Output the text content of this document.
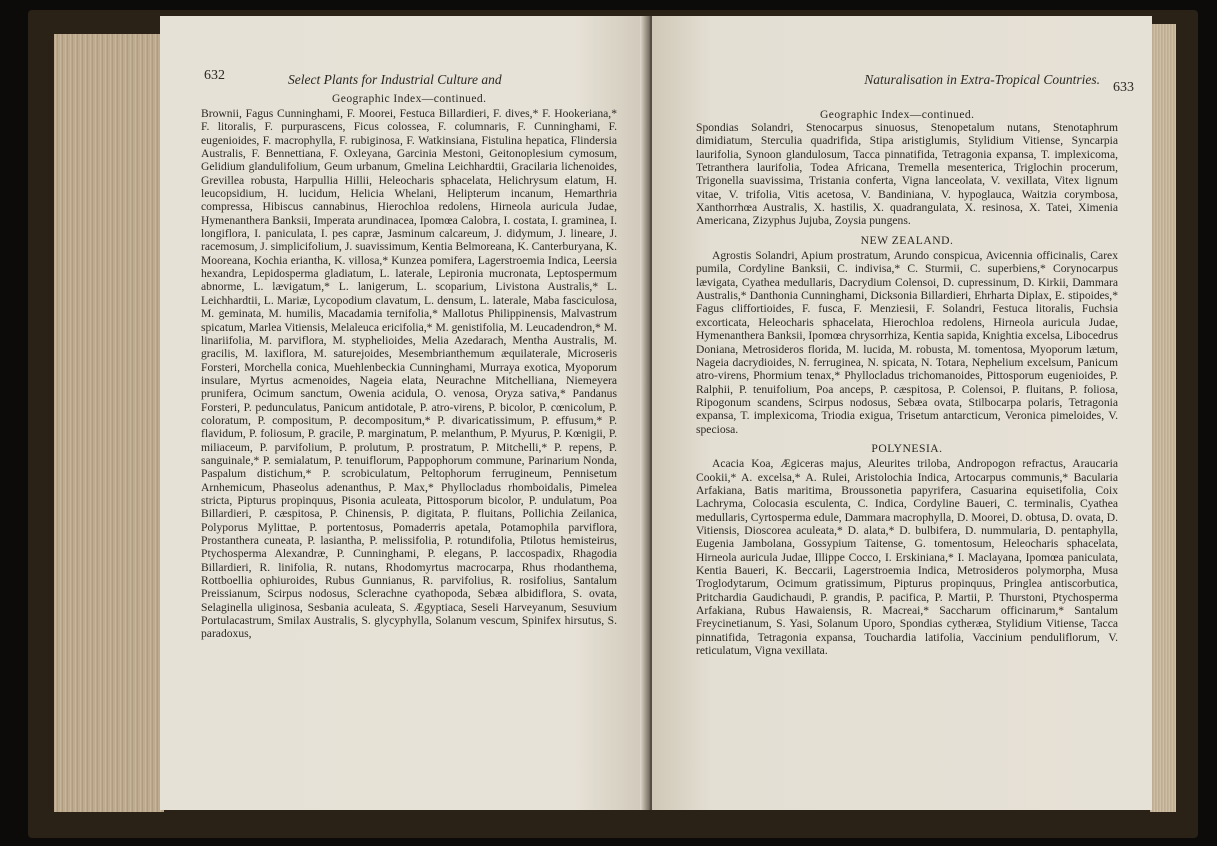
632	Select Plants for Industrial Culture and
Geographic Index—continued.

Brownii, Fagus Cunninghami, F. Moorei, Festuca Billardieri, F. dives,* F. Hookeriana,* F. litoralis, F. purpurascens, Ficus colossea, F. columnaris, F. Cunninghami, F. eugenioides, F. macrophylla, F. rubiginosa, F. Watkinsiana, Fistulina hepatica, Flindersia Australis, F. Bennettiana, F. Oxleyana, Garcinia Mestoni, Geitonoplesium cymosum, Gelidium glandulifolium, Geum urbanum, Gmelina Leichhardtii, Gracilaria lichenoides, Grevillea robusta, Harpullia Hillii, Heleocharis sphacelata, Helichrysum elatum, H. leucopsidium, H. lucidum, Helicia Whelani, Helipterum incanum, Hemarthria compressa, Hibiscus cannabinus, Hierochloa redolens, Hirneola auricula Judae, Hymenanthera Banksii, Imperata arundinacea, Ipomœa Calobra, I. costata, I. graminea, I. longiflora, I. paniculata, I. pes capræ, Jasminum calcareum, J. didymum, J. lineare, J. racemosum, J. simplicifolium, J. suavissimum, Kentia Belmoreana, K. Canterburyana, K. Mooreana, Kochia eriantha, K. villosa,* Kunzea pomifera, Lagerstroemia Indica, Leersia hexandra, Lepidosperma gladiatum, L. laterale, Lepironia mucronata, Leptospermum abnorme, L. lævigatum,* L. lanigerum, L. scoparium, Livistona Australis,* L. Leichhardtii, L. Mariæ, Lycopodium clavatum, L. densum, L. laterale, Maba fasciculosa, M. geminata, M. humilis, Macadamia ternifolia,* Mallotus Philippinensis, Malvastrum spicatum, Marlea Vitiensis, Melaleuca ericifolia,* M. genistifolia, M. Leucadendron,* M. linariifolia, M. parviflora, M. styphelioides, Melia Azedarach, Mentha Australis, M. gracilis, M. laxiflora, M. saturejoides, Mesembrianthemum æquilaterale, Microseris Forsteri, Morchella conica, Muehlenbeckia Cunninghami, Murraya exotica, Myoporum insulare, Myrtus acmenoides, Nageia elata, Neurachne Mitchelliana, Niemeyera prunifera, Ocimum sanctum, Owenia acidula, O. venosa, Oryza sativa,* Pandanus Forsteri, P. pedunculatus, Panicum antidotale, P. atro-virens, P. bicolor, P. cœnicolum, P. coloratum, P. compositum, P. decompositum,* P. divaricatissimum, P. effusum,* P. flavidum, P. foliosum, P. gracile, P. marginatum, P. melanthum, P. Myurus, P. Kœnigii, P. miliaceum, P. parvifolium, P. prolutum, P. prostratum, P. Mitchelli,* P. repens, P. sanguinale,* P. semialatum, P. tenuiflorum, Pappophorum commune, Parinarium Nonda, Paspalum distichum,* P. scrobiculatum, Peltophorum ferrugineum, Pennisetum Arnhemicum, Phaseolus adenanthus, P. Max,* Phyllocladus rhomboidalis, Pimelea stricta, Pipturus propinquus, Pisonia aculeata, Pittosporum bicolor, P. undulatum, Poa Billardieri, P. cæspitosa, P. Chinensis, P. digitata, P. fluitans, Pollichia Zeilanica, Polyporus Mylittae, P. portentosus, Pomaderris apetala, Potamophila parviflora, Prostanthera cuneata, P. lasiantha, P. melissifolia, P. rotundifolia, Ptilotus hemisteirus, Ptychosperma Alexandræ, P. Cunninghami, P. elegans, P. laccospadix, Rhagodia Billardieri, R. linifolia, R. nutans, Rhodomyrtus macrocarpa, Rhus rhodanthema, Rottboellia ophiuroides, Rubus Gunnianus, R. parvifolius, R. rosifolius, Santalum Preissianum, Scirpus nodosus, Sclerachne cyathopoda, Sebæa albidiflora, S. ovata, Selaginella uliginosa, Sesbania aculeata, S. Ægyptiaca, Seseli Harveyanum, Sesuvium Portulacastrum, Smilax Australis, S. glycyphylla, Solanum vescum, Spinifex hirsutus, S. paradoxus,

Naturalisation in Extra-Tropical Countries.
633
Geographic Index—continued.

Spondias Solandri, Stenocarpus sinuosus, Stenopetalum nutans, Stenotaphrum dimidiatum, Sterculia quadrifida, Stipa aristiglumis, Stylidium Vitiense, Syncarpia laurifolia, Synoon glandulosum, Tacca pinnatifida, Tetragonia expansa, T. implexicoma, Tetranthera laurifolia, Todea Africana, Tremella mesenterica, Triglochin procerum, Trigonella suavissima, Tristania conferta, Vigna lanceolata, V. vexillata, Vitex lignum vitae, V. trifolia, Vitis acetosa, V. Bandiniana, V. hypoglauca, Waitzia corymbosa, Xanthorrhœa Australis, X. hastilis, X. quadrangulata, X. resinosa, X. Tatei, Ximenia Americana, Zizyphus Jujuba, Zoysia pungens.

NEW ZEALAND.

Agrostis Solandri, Apium prostratum, Arundo conspicua, Avicennia officinalis, Carex pumila, Cordyline Banksii, C. indivisa,* C. Sturmii, C. superbiens,* Corynocarpus lævigata, Cyathea medullaris, Dacrydium Colensoi, D. cupressinum, D. Kirkii, Dammara Australis,* Danthonia Cunninghami, Dicksonia Billardieri, Ehrharta Diplax, E. stipoides,* Fagus cliffortioides, F. fusca, F. Menziesii, F. Solandri, Festuca litoralis, Fuchsia excorticata, Heleocharis sphacelata, Hierochloa redolens, Hirneola auricula Judae, Hymenanthera Banksii, Ipomœa chrysorrhiza, Kentia sapida, Knightia excelsa, Libocedrus Doniana, Metrosideros florida, M. lucida, M. robusta, M. tomentosa, Myoporum lætum, Nageia dacrydioides, N. ferruginea, N. spicata, N. Totara, Nephelium excelsum, Panicum atro-virens, Phormium tenax,* Phyllocladus trichomanoides, Pittosporum eugenioides, P. Ralphii, P. tenuifolium, Poa anceps, P. cæspitosa, P. Colensoi, P. fluitans, P. foliosa, Ripogonum scandens, Scirpus nodosus, Sebæa ovata, Stilbocarpa polaris, Tetragonia expansa, T. implexicoma, Triodia exigua, Trisetum antarcticum, Veronica pimeloides, V. speciosa.

POLYNESIA.

Acacia Koa, Ægiceras majus, Aleurites triloba, Andropogon refractus, Araucaria Cookii,* A. excelsa,* A. Rulei, Aristolochia Indica, Artocarpus communis,* Bacularia Arfakiana, Batis maritima, Broussonetia papyrifera, Casuarina equisetifolia, Coix Lachryma, Colocasia esculenta, C. Indica, Cordyline Baueri, C. terminalis, Cyathea medullaris, Cyrtosperma edule, Dammara macrophylla, D. Moorei, D. obtusa, D. ovata, D. Vitiensis, Dioscorea aculeata,* D. alata,* D. bulbifera, D. nummularia, D. pentaphylla, Eugenia Jambolana, Gossypium Taitense, G. tomentosum, Heleocharis sphacelata, Hirneola auricula Judae, Illippe Cocco, I. Erskiniana,* I. Maclayana, Ipomœa paniculata, Kentia Baueri, K. Beccarii, Lagerstroemia Indica, Metrosideros polymorpha, Musa Troglodytarum, Ocimum gratissimum, Pipturus propinquus, Pringlea antiscorbutica, Pritchardia Gaudichaudi, P. grandis, P. pacifica, P. Martii, P. Thurstoni, Ptychosperma Arfakiana, Rubus Hawaiensis, R. Macreai,* Saccharum officinarum,* Santalum Freycinetianum, S. Yasi, Solanum Uporo, Spondias cytheræa, Stylidium Vitiense, Tacca pinnatifida, Tetragonia expansa, Touchardia latifolia, Vaccinium penduliflorum, V. reticulatum, Vigna vexillata.
